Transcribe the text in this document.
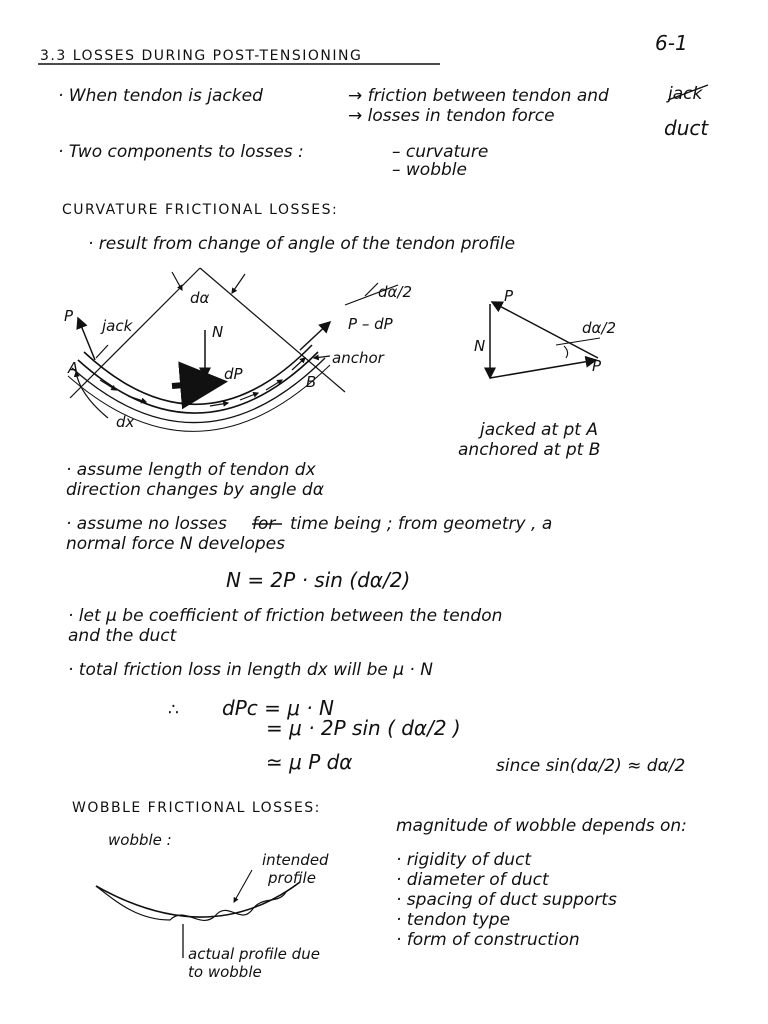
6-1
3.3 LOSSES DURING POST-TENSIONING
· When tendon is jacked	→ friction between tendon and	jack
→ losses in tendon force	duct
· Two components to losses :	– curvature
– wobble
CURVATURE FRICTIONAL LOSSES:
· result from change of angle of the tendon profile
P
jack
A
dx
dα
N
dP	B
anchor
dα/2
P – dP
P
N
P
dα/2
jacked at pt A
anchored at pt B
· assume length of tendon dx
direction changes by angle dα
· assume no losses for time being ; from geometry , a
normal force N developes
N = 2P · sin (dα/2)
· let μ be coefficient of friction between the tendon
and the duct
· total friction loss in length dx will be μ · N
∴ dPc = μ · N
= μ · 2P sin ( dα/2 )
≃ μ P dα	since sin(dα/2) ≈ dα/2
WOBBLE FRICTIONAL LOSSES:
wobble :
intended
profile
actual profile due
to wobble
magnitude of wobble depends on:
· rigidity of duct
· diameter of duct
· spacing of duct supports
· tendon type
· form of construction
